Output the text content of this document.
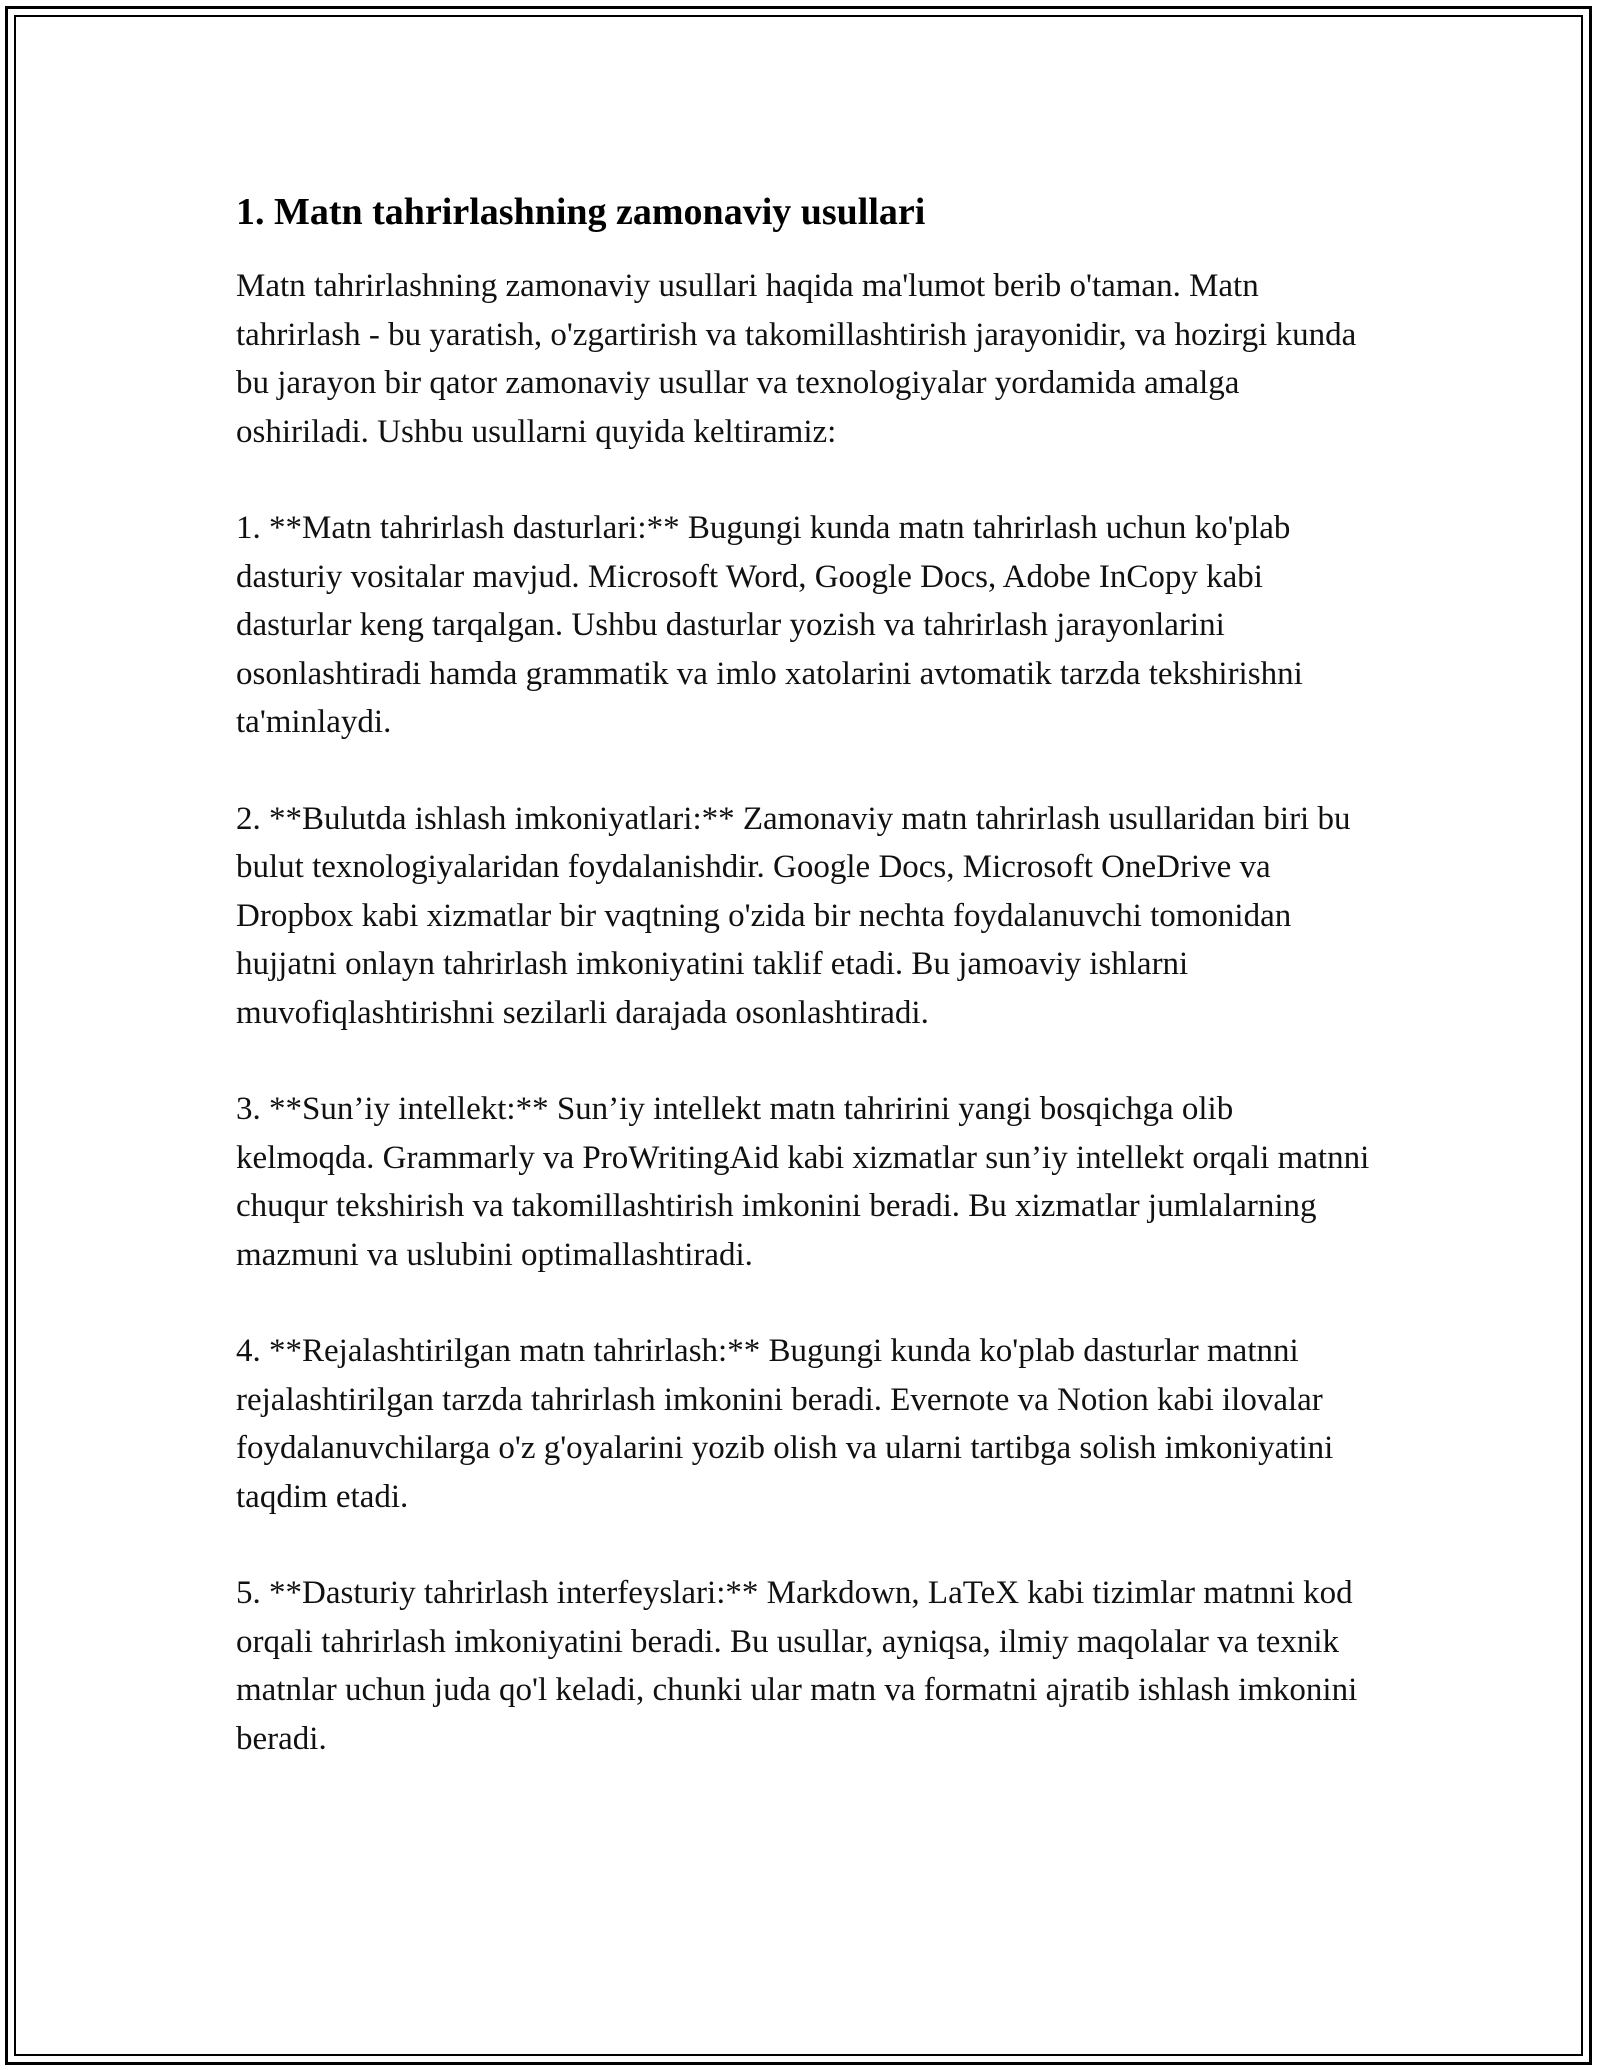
1. Matn tahrirlashning zamonaviy usullari

Matn tahrirlashning zamonaviy usullari haqida ma'lumot berib o'taman. Matn tahrirlash - bu yaratish, o'zgartirish va takomillashtirish jarayonidir, va hozirgi kunda bu jarayon bir qator zamonaviy usullar va texnologiyalar yordamida amalga oshiriladi. Ushbu usullarni quyida keltiramiz:

1. **Matn tahrirlash dasturlari:** Bugungi kunda matn tahrirlash uchun ko'plab dasturiy vositalar mavjud. Microsoft Word, Google Docs, Adobe InCopy kabi dasturlar keng tarqalgan. Ushbu dasturlar yozish va tahrirlash jarayonlarini osonlashtiradi hamda grammatik va imlo xatolarini avtomatik tarzda tekshirishni ta'minlaydi.

2. **Bulutda ishlash imkoniyatlari:** Zamonaviy matn tahrirlash usullaridan biri bu bulut texnologiyalaridan foydalanishdir. Google Docs, Microsoft OneDrive va Dropbox kabi xizmatlar bir vaqtning o'zida bir nechta foydalanuvchi tomonidan hujjatni onlayn tahrirlash imkoniyatini taklif etadi. Bu jamoaviy ishlarni muvofiqlashtirishni sezilarli darajada osonlashtiradi.

3. **Sun’iy intellekt:** Sun’iy intellekt matn tahririni yangi bosqichga olib kelmoqda. Grammarly va ProWritingAid kabi xizmatlar sun’iy intellekt orqali matnni chuqur tekshirish va takomillashtirish imkonini beradi. Bu xizmatlar jumlalarning mazmuni va uslubini optimallashtiradi.

4. **Rejalashtirilgan matn tahrirlash:** Bugungi kunda ko'plab dasturlar matnni rejalashtirilgan tarzda tahrirlash imkonini beradi. Evernote va Notion kabi ilovalar foydalanuvchilarga o'z g'oyalarini yozib olish va ularni tartibga solish imkoniyatini taqdim etadi.

5. **Dasturiy tahrirlash interfeyslari:** Markdown, LaTeX kabi tizimlar matnni kod orqali tahrirlash imkoniyatini beradi. Bu usullar, ayniqsa, ilmiy maqolalar va texnik matnlar uchun juda qo'l keladi, chunki ular matn va formatni ajratib ishlash imkonini beradi.
